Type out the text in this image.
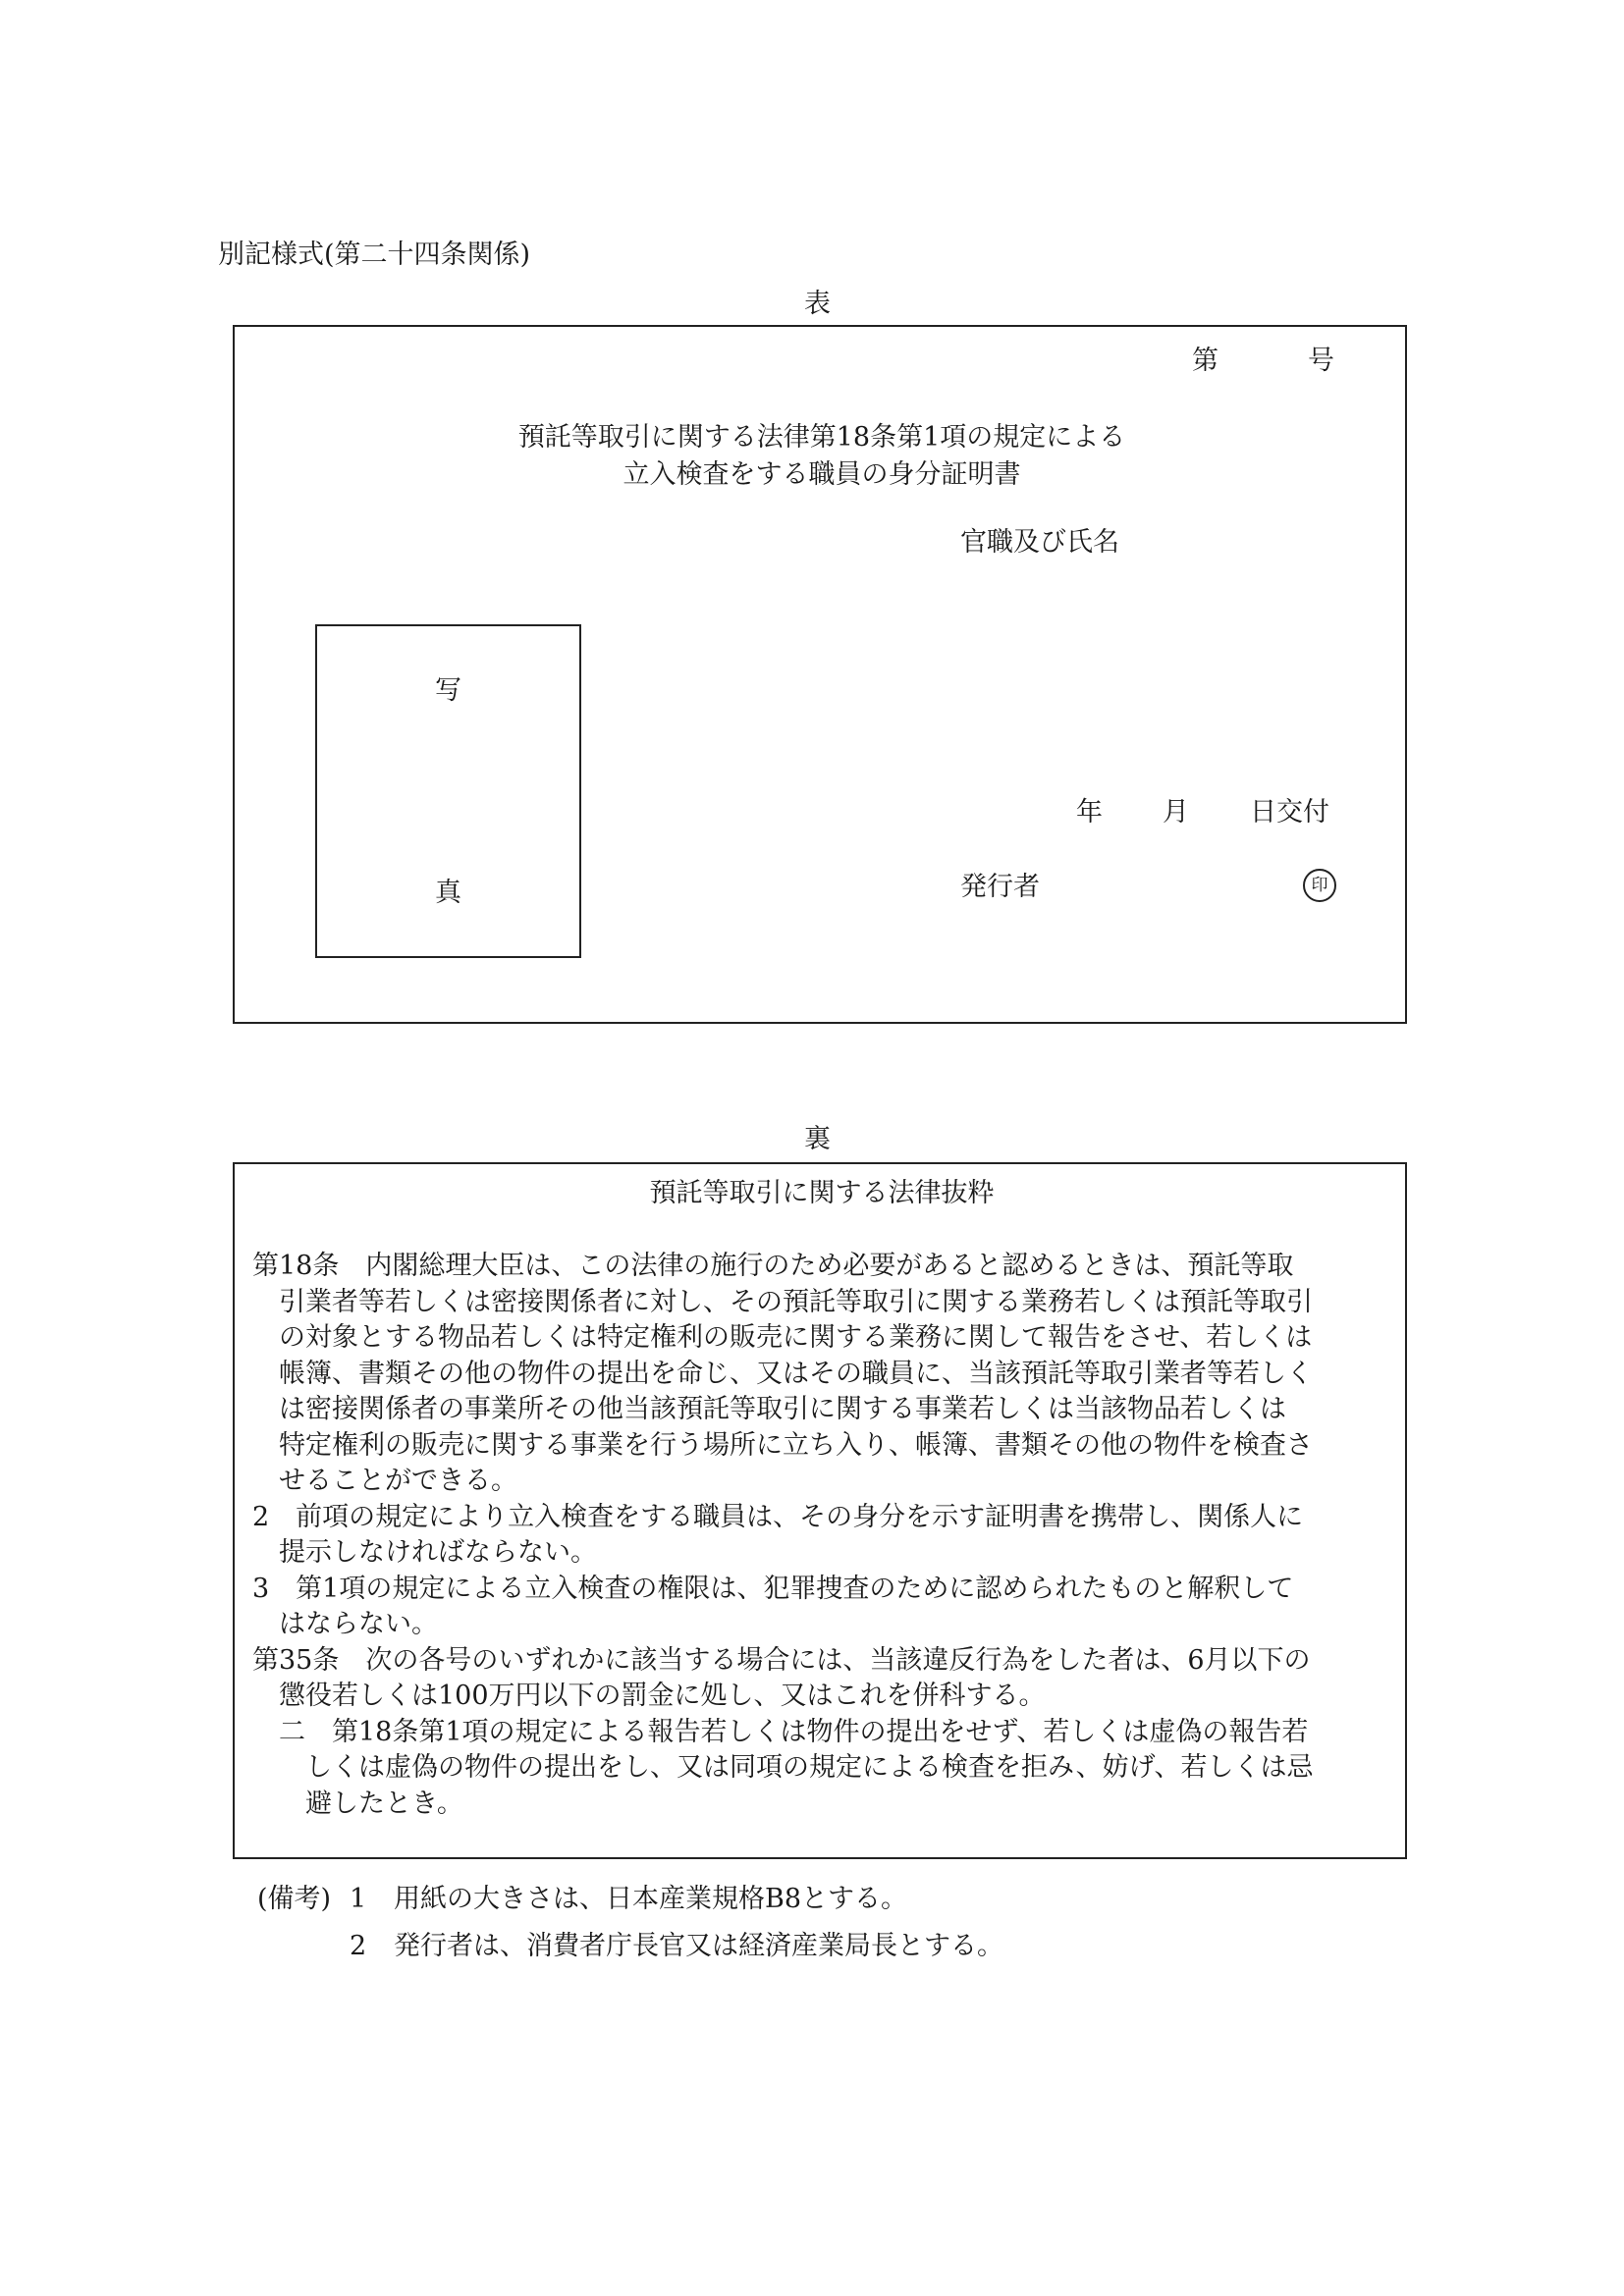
別記様式(第二十四条関係)
表
第	号
預託等取引に関する法律第18条第1項の規定による
立入検査をする職員の身分証明書
官職及び氏名
写
真
年 月 日交付
発行者	印
裏
預託等取引に関する法律抜粋

第18条　内閣総理大臣は、この法律の施行のため必要があると認めるときは、預託等取

引業者等若しくは密接関係者に対し、その預託等取引に関する業務若しくは預託等取引

の対象とする物品若しくは特定権利の販売に関する業務に関して報告をさせ、若しくは

帳簿、書類その他の物件の提出を命じ、又はその職員に、当該預託等取引業者等若しく

は密接関係者の事業所その他当該預託等取引に関する事業若しくは当該物品若しくは

特定権利の販売に関する事業を行う場所に立ち入り、帳簿、書類その他の物件を検査さ

せることができる。

2　前項の規定により立入検査をする職員は、その身分を示す証明書を携帯し、関係人に

提示しなければならない。

3　第1項の規定による立入検査の権限は、犯罪捜査のために認められたものと解釈して

はならない。

第35条　次の各号のいずれかに該当する場合には、当該違反行為をした者は、6月以下の

懲役若しくは100万円以下の罰金に処し、又はこれを併科する。

二　第18条第1項の規定による報告若しくは物件の提出をせず、若しくは虚偽の報告若

しくは虚偽の物件の提出をし、又は同項の規定による検査を拒み、妨げ、若しくは忌

避したとき。

(備考) 1 用紙の大きさは、日本産業規格B8とする。
2 発行者は、消費者庁長官又は経済産業局長とする。
